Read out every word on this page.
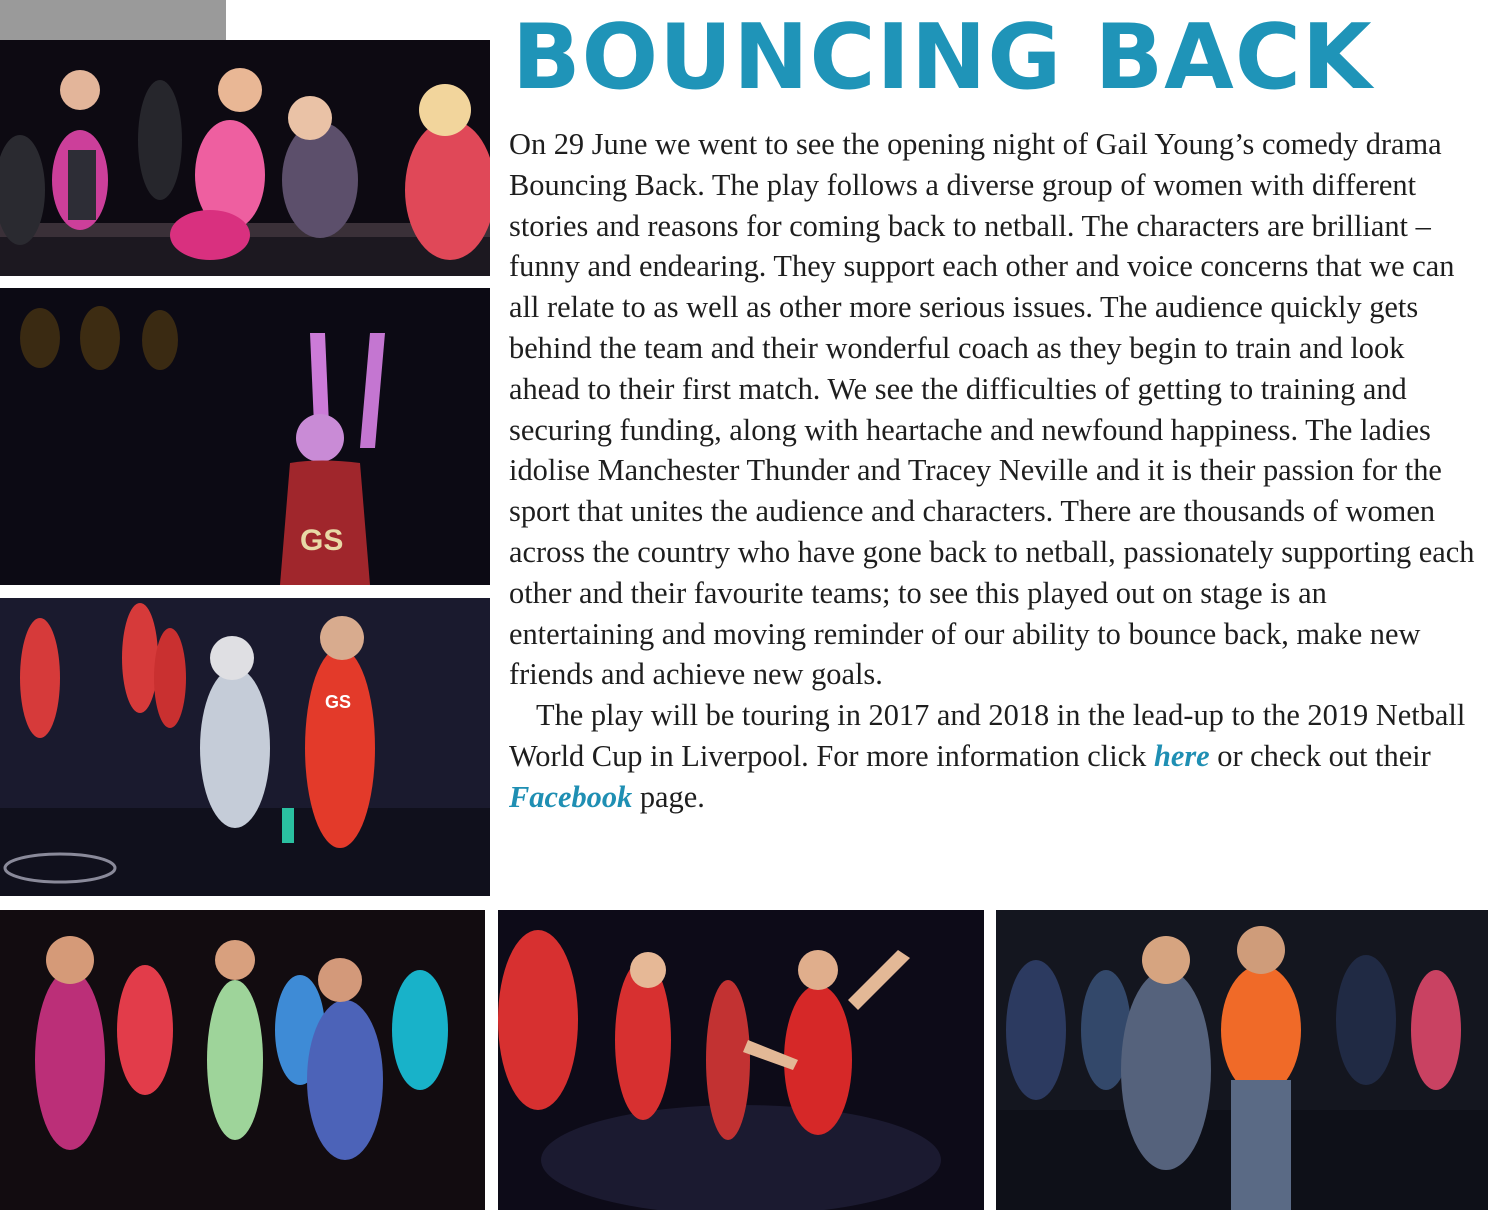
GS
GS
BOUNCING BACK

On 29 June we went to see the opening night of Gail Young’s comedy drama Bouncing Back. The play follows a diverse group of women with different stories and reasons for coming back to netball. The characters are brilliant – funny and endearing. They support each other and voice concerns that we can all relate to as well as other more serious issues. The audience quickly gets behind the team and their wonderful coach as they begin to train and look ahead to their first match. We see the difficulties of getting to training and securing funding, along with heartache and newfound happiness. The ladies idolise Manchester Thunder and Tracey Neville and it is their passion for the sport that unites the audience and characters. There are thousands of women across the country who have gone back to netball, passionately supporting each other and their favourite teams; to see this played out on stage is an entertaining and moving reminder of our ability to bounce back, make new friends and achieve new goals.

The play will be touring in 2017 and 2018 in the lead-up to the 2019 Netball World Cup in Liverpool. For more information click here or check out their Facebook page.
